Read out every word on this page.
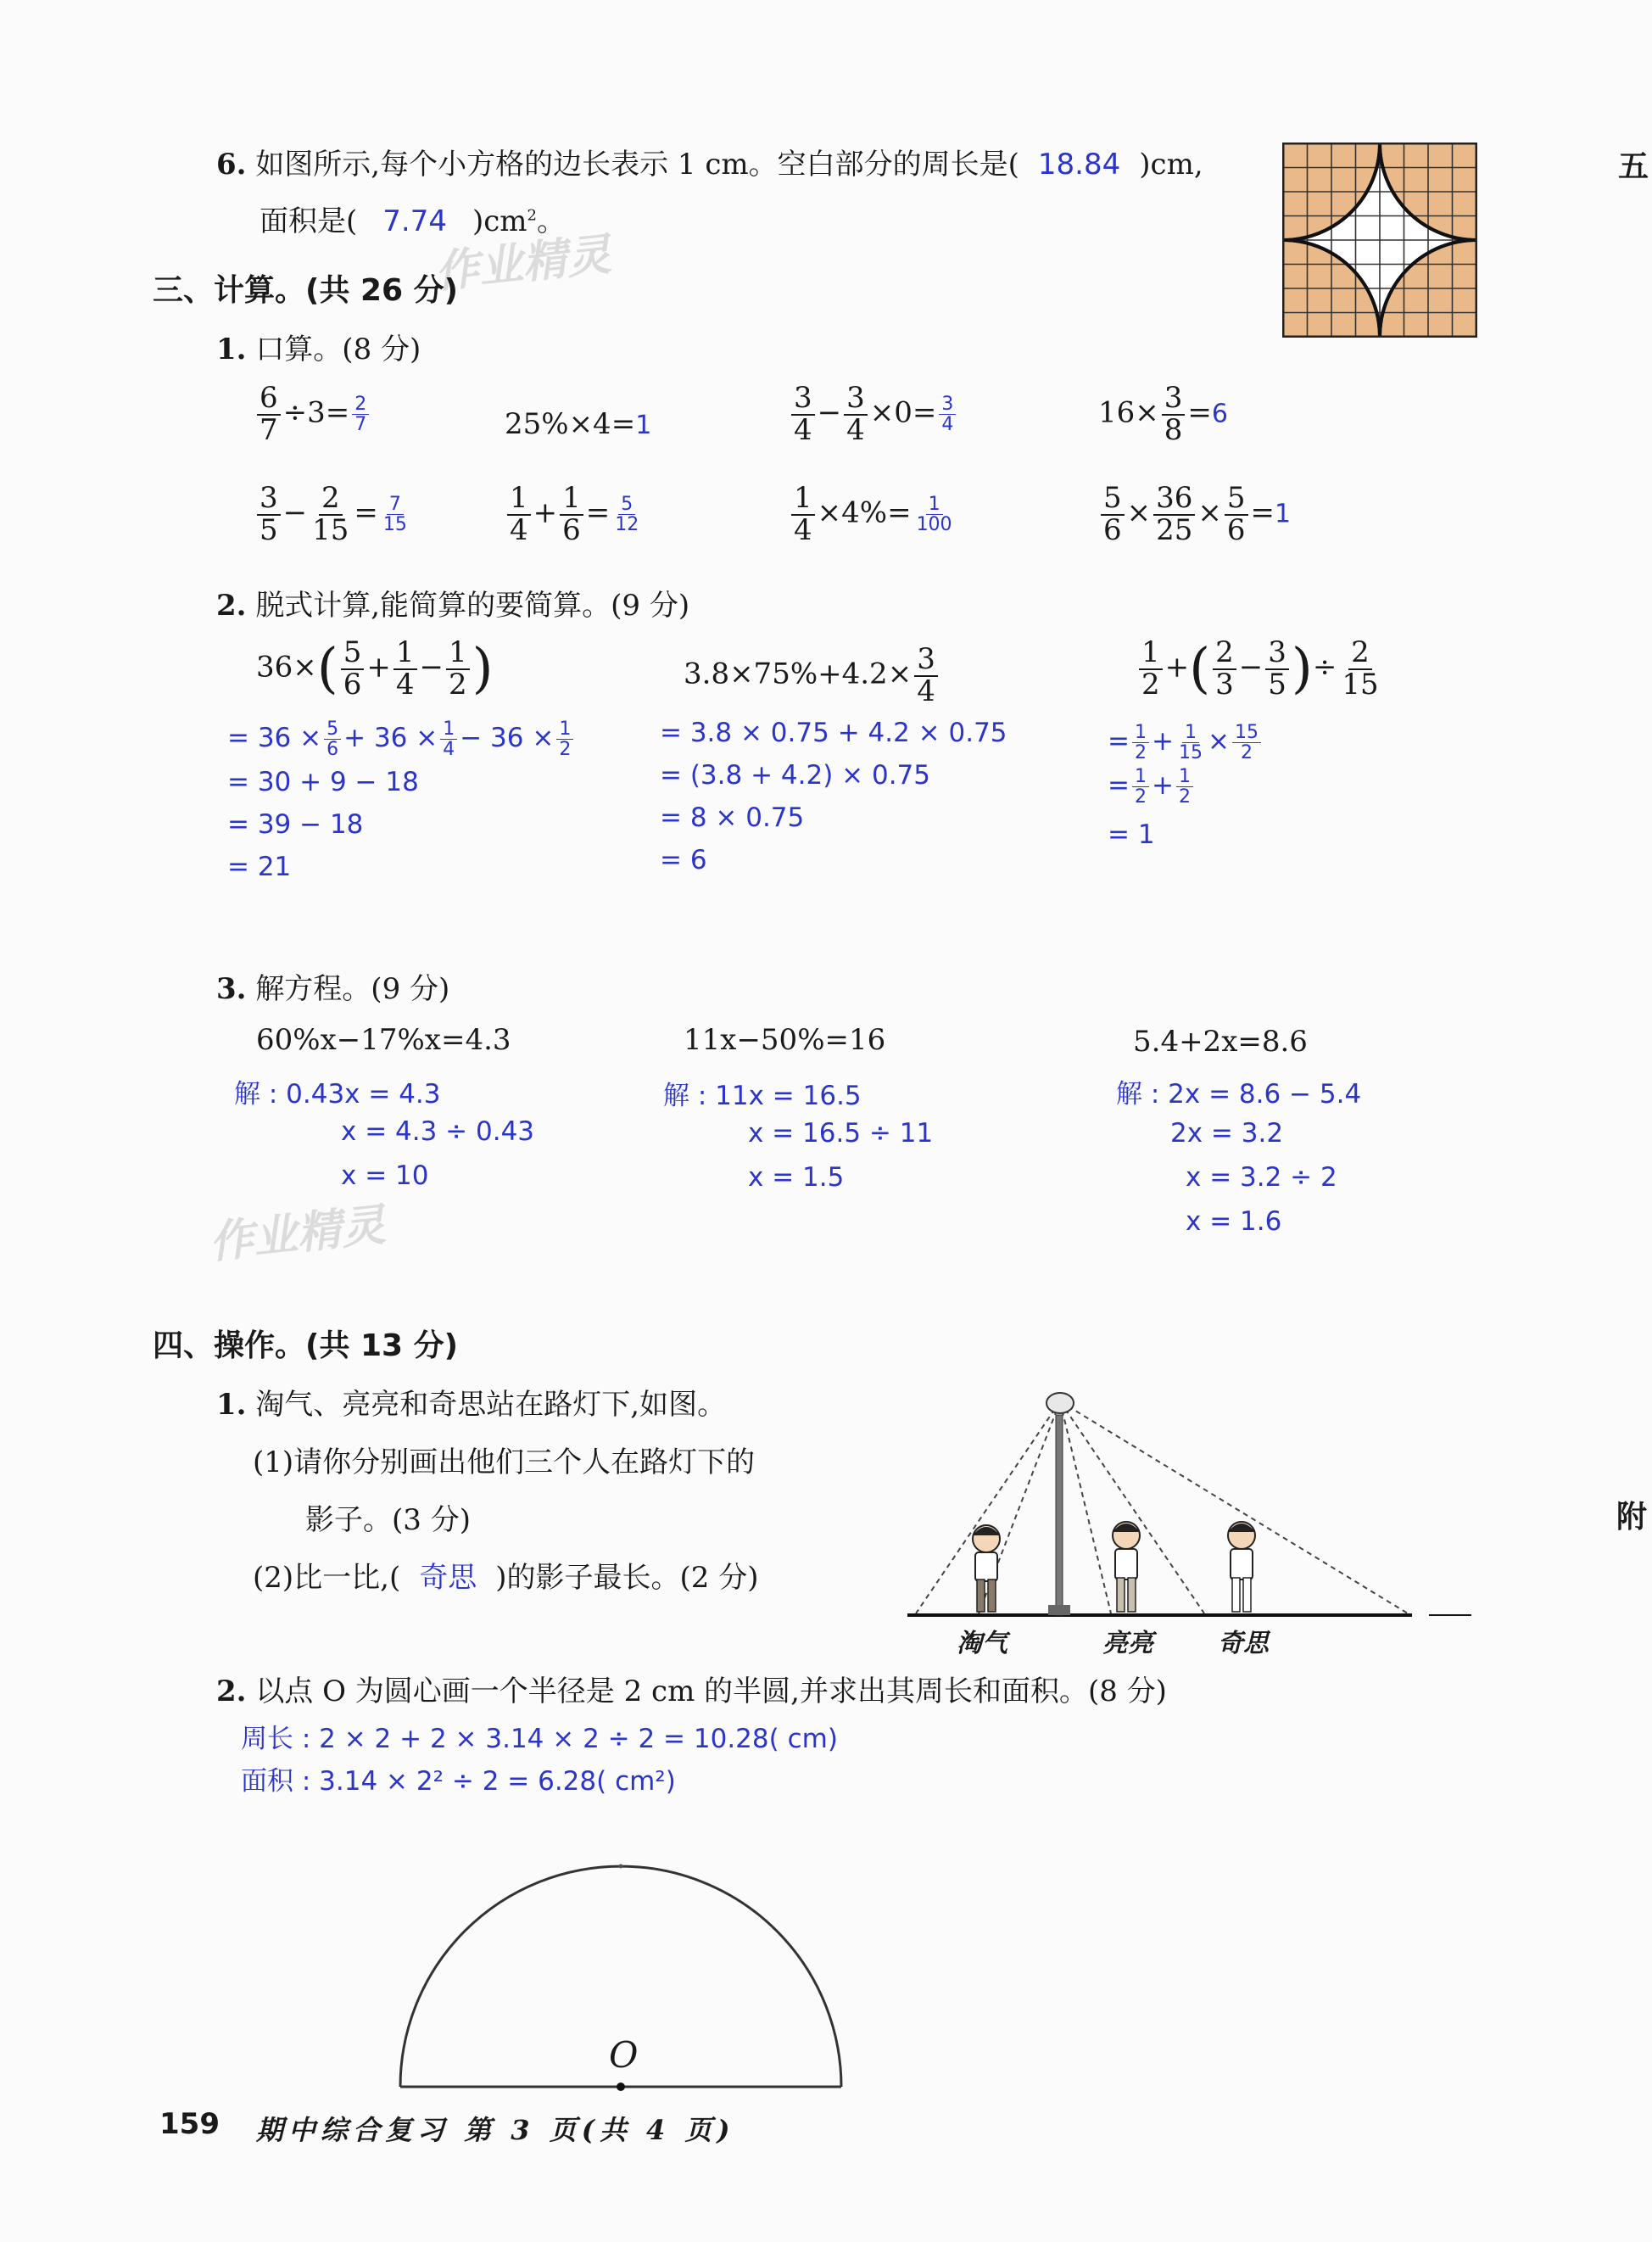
6. 如图所示,每个小方格的边长表示 1 cm。空白部分的周长是( 18.84 )cm,
面积是( 7.74 )$cm^2$。
五
作业精灵
作业精灵
三、计算。(共 26 分)
1. 口算。(8 分)
$\frac{6}{7} \div 3= \frac{2}{7}$	25%×4=1	$\frac{3}{4} - \frac{3}{4} \times 0= \frac{3}{4}$	$16\times \frac{3}{8} =6$
$\frac{3}{5} - \frac{2}{15} = \frac{7}{15}$	$\frac{1}{4} + \frac{1}{6} = \frac{5}{12}$	$\frac{1}{4} \times 4\%= \frac{1}{100}$	$\frac{5}{6} \times \frac{36}{25} \times \frac{5}{6} =1$
2. 脱式计算,能简算的要简算。(9 分)
$36\times( \frac{5}{6} + \frac{1}{4} - \frac{1}{2}$ )
= $36 \times \frac{5}{6} + 36 \times \frac{1}{4} - 36 \times \frac{1}{2}$
= 30 + 9 − 18
= 39 − 18
= 21
$3.8\times 75\%+4.2\times \frac{3}{4}$
= 3.8 × 0.75 + 4.2 × 0.75
= (3.8 + 4.2) × 0.75
= 8 × 0.75
= 6
$\frac{1}{2}$ +( $\frac{2}{3} - \frac{3}{5}$ )÷ $\frac{2}{15}$
= $\frac{1}{2} + \frac{1}{15} \times \frac{15}{2}$
= $\frac{1}{2} + \frac{1}{2}$
= 1
3. 解方程。(9 分)
60%x−17%x=4.3
解 : 0.43x = 4.3
x = 4.3 ÷ 0.43
x = 10
11x−50%=16
解 : 11x = 16.5
x = 16.5 ÷ 11
x = 1.5
5.4+2x=8.6
解 : 2x = 8.6 − 5.4
2x = 3.2
x = 3.2 ÷ 2
x = 1.6
四、操作。(共 13 分)
1. 淘气、亮亮和奇思站在路灯下,如图。
(1)请你分别画出他们三个人在路灯下的
影子。(3 分)
(2)比一比,( 奇思 )的影子最长。(2 分)
淘气	亮亮	奇思
附
2. 以点 O 为圆心画一个半径是 2 cm 的半圆,并求出其周长和面积。(8 分)
周长 : 2 × 2 + 2 × 3.14 × 2 ÷ 2 = 10.28( cm)
面积 : 3.14 × 2² ÷ 2 = 6.28( cm²)
O
159 期中综合复习 第 3 页(共 4 页)
